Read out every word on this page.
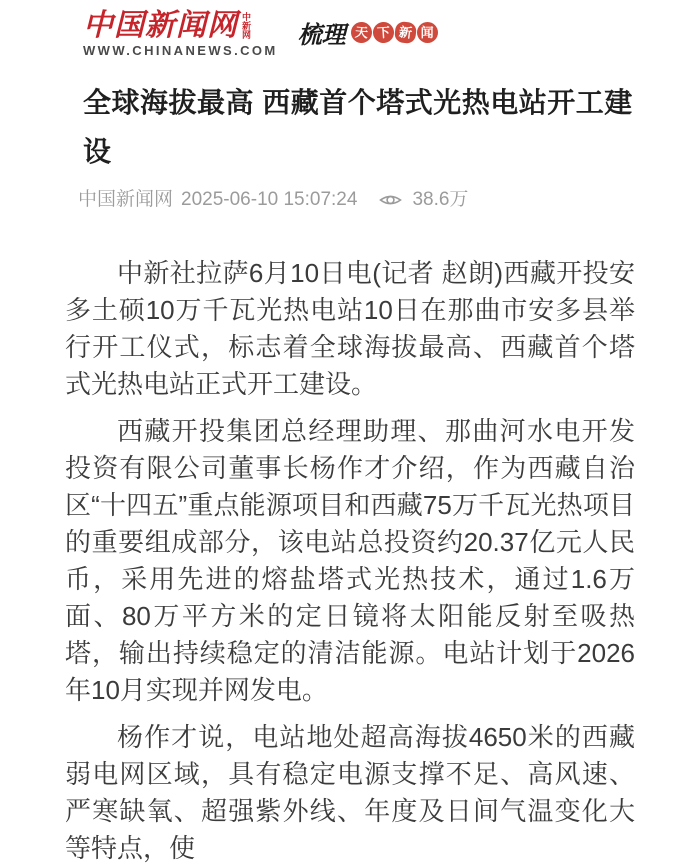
中国新闻网 中
新
网
WWW.CHINANEWS.COM
梳理 天 下 新 闻
全球海拔最高 西藏首个塔式光热电站开工建设
中国新闻网 2025-06-10 15:07:24	38.6万

中新社拉萨6月10日电(记者 赵朗)西藏开投安多土硕10万千瓦光热电站10日在那曲市安多县举行开工仪式，标志着全球海拔最高、西藏首个塔式光热电站正式开工建设。

西藏开投集团总经理助理、那曲河水电开发投资有限公司董事长杨作才介绍，作为西藏自治区“十四五”重点能源项目和西藏75万千瓦光热项目的重要组成部分，该电站总投资约20.37亿元人民币，采用先进的熔盐塔式光热技术，通过1.6万面、80万平方米的定日镜将太阳能反射至吸热塔，输出持续稳定的清洁能源。电站计划于2026年10月实现并网发电。

杨作才说，电站地处超高海拔4650米的西藏弱电网区域，具有稳定电源支撑不足、高风速、严寒缺氧、超强紫外线、年度及日间气温变化大等特点，使
